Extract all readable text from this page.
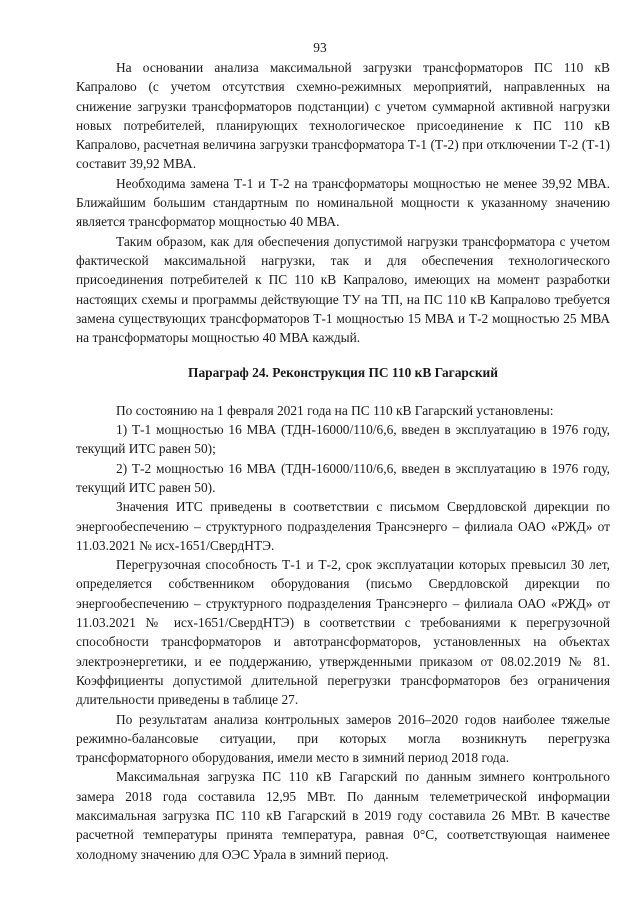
93

На основании анализа максимальной загрузки трансформаторов ПС 110 кВ Капралово (с учетом отсутствия схемно-режимных мероприятий, направленных на снижение загрузки трансформаторов подстанции) с учетом суммарной активной нагрузки новых потребителей, планирующих технологическое присоединение к ПС 110 кВ Капралово, расчетная величина загрузки трансформатора Т-1 (Т-2) при отключении Т-2 (Т-1) составит 39,92 МВА.

Необходима замена Т-1 и Т-2 на трансформаторы мощностью не менее 39,92 МВА. Ближайшим большим стандартным по номинальной мощности к указанному значению является трансформатор мощностью 40 МВА.

Таким образом, как для обеспечения допустимой нагрузки трансформатора с учетом фактической максимальной нагрузки, так и для обеспечения технологического присоединения потребителей к ПС 110 кВ Капралово, имеющих на момент разработки настоящих схемы и программы действующие ТУ на ТП, на ПС 110 кВ Капралово требуется замена существующих трансформаторов Т-1 мощностью 15 МВА и Т-2 мощностью 25 МВА на трансформаторы мощностью 40 МВА каждый.

Параграф 24. Реконструкция ПС 110 кВ Гагарский

По состоянию на 1 февраля 2021 года на ПС 110 кВ Гагарский установлены:

1) Т-1 мощностью 16 МВА (ТДН-16000/110/6,6, введен в эксплуатацию в 1976 году, текущий ИТС равен 50);

2) Т-2 мощностью 16 МВА (ТДН-16000/110/6,6, введен в эксплуатацию в 1976 году, текущий ИТС равен 50).

Значения ИТС приведены в соответствии с письмом Свердловской дирекции по энергообеспечению – структурного подразделения Трансэнерго – филиала ОАО «РЖД» от 11.03.2021 № исх-1651/СвердНТЭ.

Перегрузочная способность Т-1 и Т-2, срок эксплуатации которых превысил 30 лет, определяется собственником оборудования (письмо Свердловской дирекции по энергообеспечению – структурного подразделения Трансэнерго – филиала ОАО «РЖД» от 11.03.2021 № исх-1651/СвердНТЭ) в соответствии с требованиями к перегрузочной способности трансформаторов и автотрансформаторов, установленных на объектах электроэнергетики, и ее поддержанию, утвержденными приказом от 08.02.2019 № 81. Коэффициенты допустимой длительной перегрузки трансформаторов без ограничения длительности приведены в таблице 27.

По результатам анализа контрольных замеров 2016–2020 годов наиболее тяжелые режимно-балансовые ситуации, при которых могла возникнуть перегрузка трансформаторного оборудования, имели место в зимний период 2018 года.

Максимальная загрузка ПС 110 кВ Гагарский по данным зимнего контрольного замера 2018 года составила 12,95 МВт. По данным телеметрической информации максимальная загрузка ПС 110 кВ Гагарский в 2019 году составила 26 МВт. В качестве расчетной температуры принята температура, равная 0°С, соответствующая наименее холодному значению для ОЭС Урала в зимний период.
